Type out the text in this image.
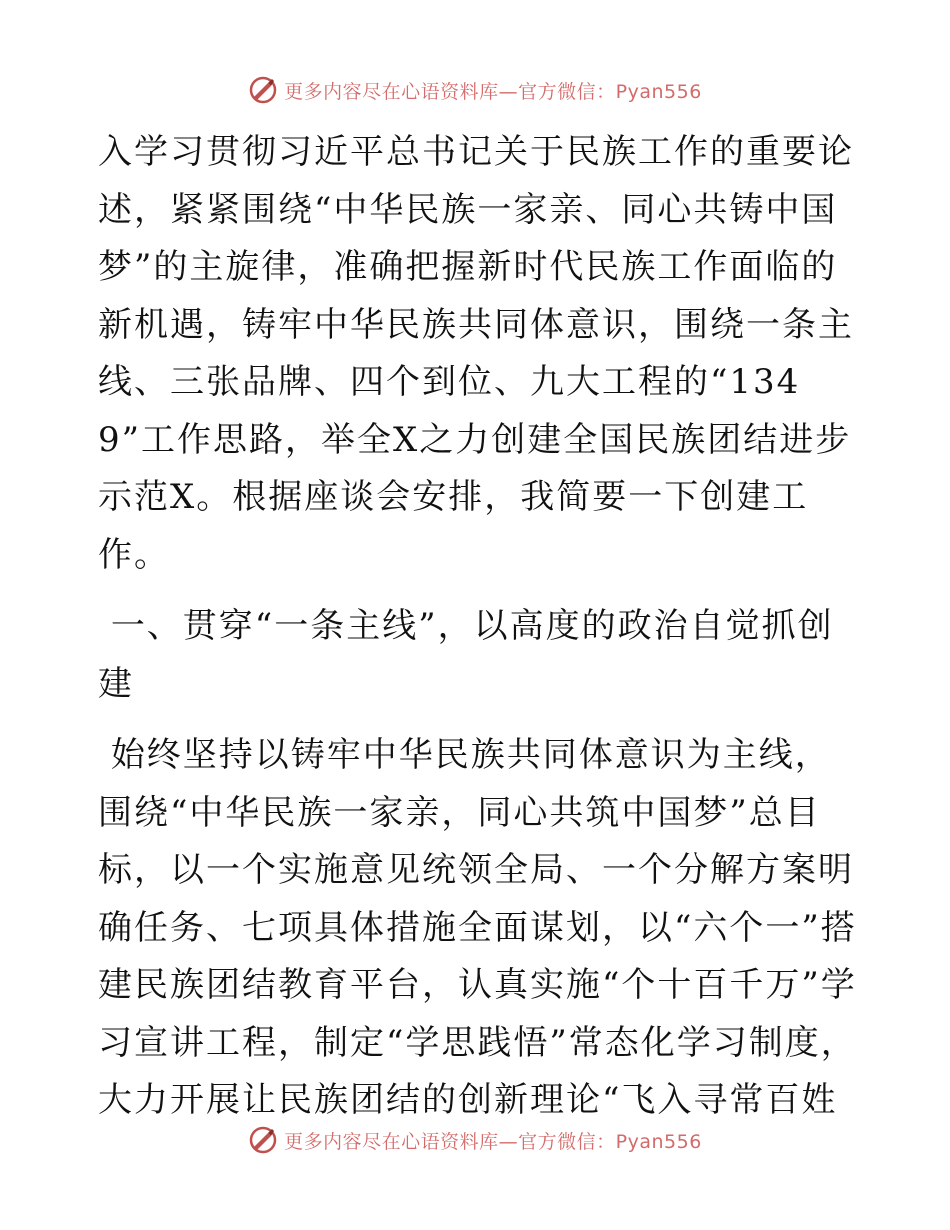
更多内容尽在心语资料库—官方微信：Pyan556

入学习贯彻习近平总书记关于民族工作的重要论述，紧紧围绕“中华民族一家亲、同心共铸中国梦”的主旋律，准确把握新时代民族工作面临的新机遇，铸牢中华民族共同体意识，围绕一条主线、三张品牌、四个到位、九大工程的“1349”工作思路，举全X之力创建全国民族团结进步示范X。根据座谈会安排，我简要一下创建工作。

一、贯穿“一条主线”，以高度的政治自觉抓创建

始终坚持以铸牢中华民族共同体意识为主线，围绕“中华民族一家亲，同心共筑中国梦”总目标，以一个实施意见统领全局、一个分解方案明确任务、七项具体措施全面谋划，以“六个一”搭建民族团结教育平台，认真实施“个十百千万”学习宣讲工程，制定“学思践悟”常态化学习制度，大力开展让民族团结的创新理论“飞入寻常百姓

更多内容尽在心语资料库—官方微信：Pyan556
